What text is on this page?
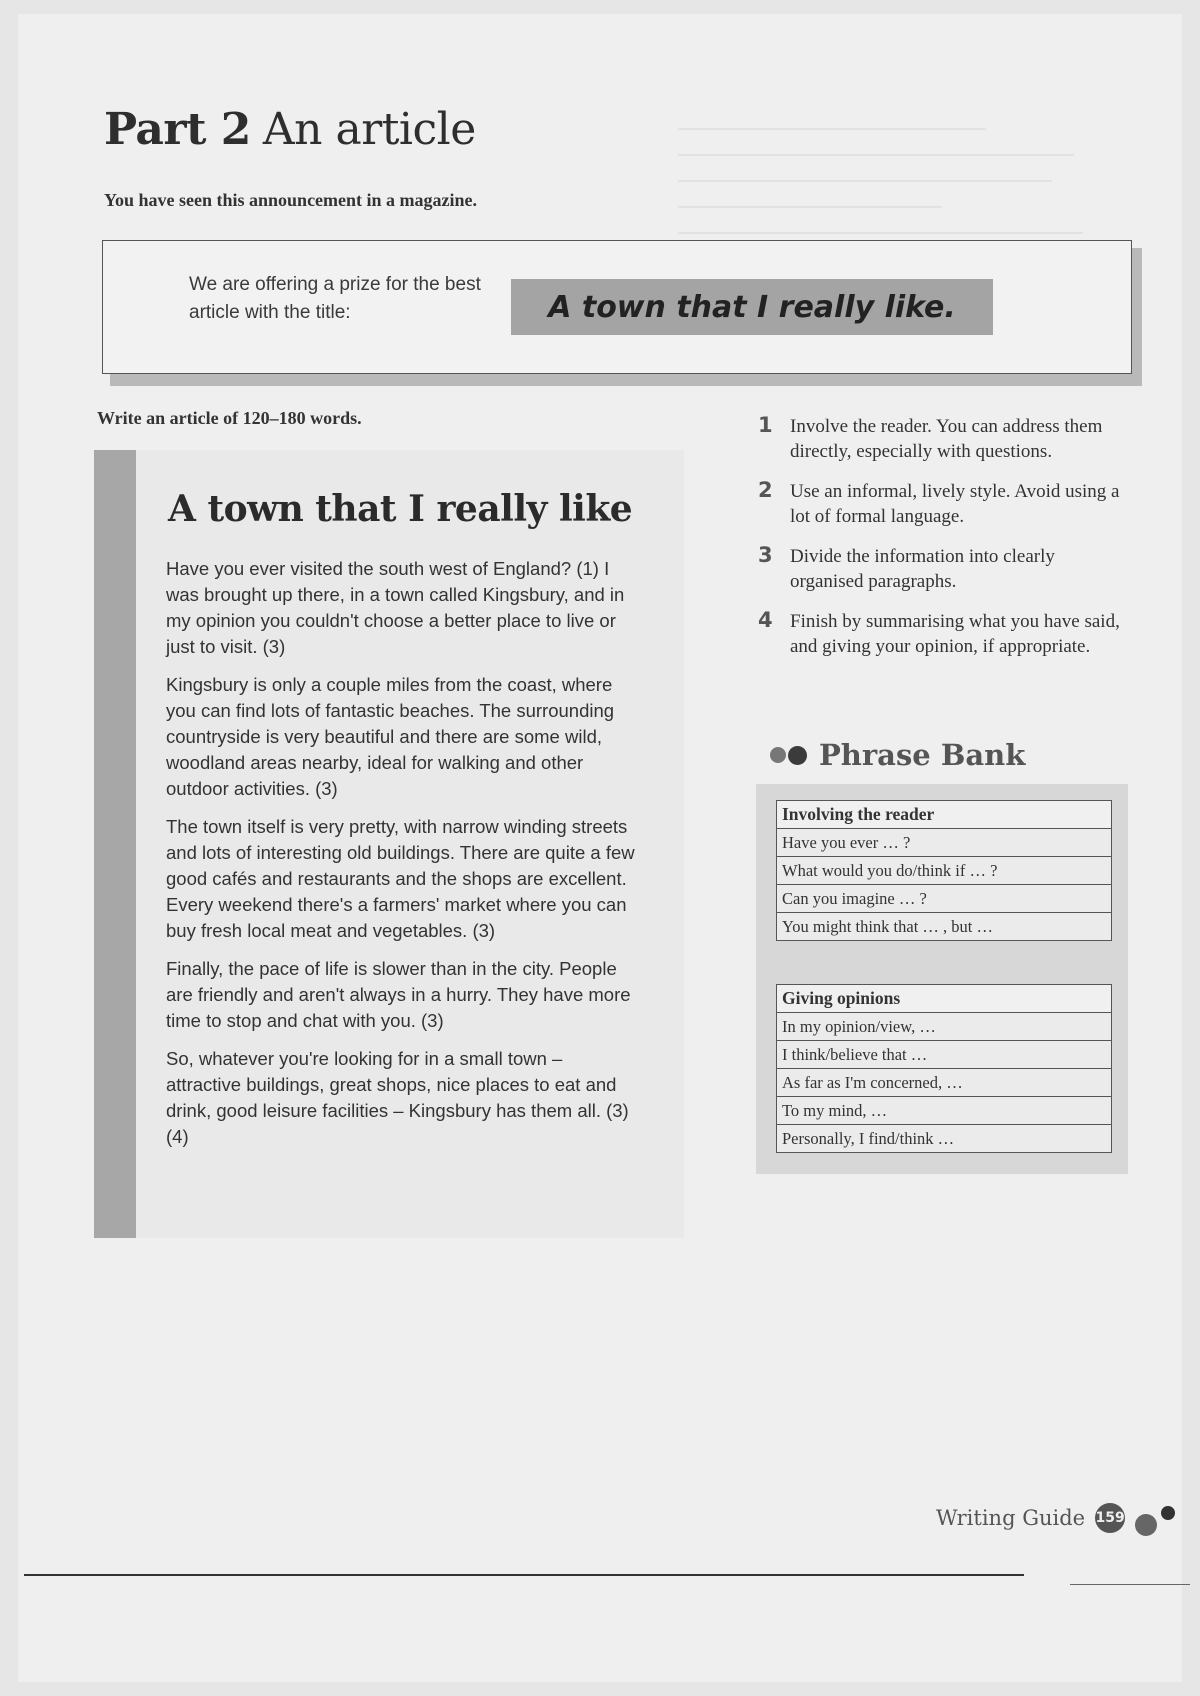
Part 2 An article
You have seen this announcement in a magazine.
We are offering a prize for the best article with the title:	A town that I really like.
Write an article of 120–180 words.
A town that I really like

Have you ever visited the south west of England? (1) I was brought up there, in a town called Kingsbury, and in my opinion you couldn't choose a better place to live or just to visit. (3)

Kingsbury is only a couple miles from the coast, where you can find lots of fantastic beaches. The surrounding countryside is very beautiful and there are some wild, woodland areas nearby, ideal for walking and other outdoor activities. (3)

The town itself is very pretty, with narrow winding streets and lots of interesting old buildings. There are quite a few good cafés and restaurants and the shops are excellent. Every weekend there's a farmers' market where you can buy fresh local meat and vegetables. (3)

Finally, the pace of life is slower than in the city. People are friendly and aren't always in a hurry. They have more time to stop and chat with you. (3)

So, whatever you're looking for in a small town – attractive buildings, great shops, nice places to eat and drink, good leisure facilities – Kingsbury has them all. (3) (4)

1 Involve the reader. You can address them directly, especially with questions.
2 Use an informal, lively style. Avoid using a lot of formal language.
3 Divide the information into clearly organised paragraphs.
4 Finish by summarising what you have said, and giving your opinion, if appropriate.
Phrase Bank
Involving the reader
Have you ever … ?
What would you do/think if … ?
Can you imagine … ?
You might think that … , but …
Giving opinions
In my opinion/view, …
I think/believe that …
As far as I'm concerned, …
To my mind, …
Personally, I find/think …
Writing Guide 159
